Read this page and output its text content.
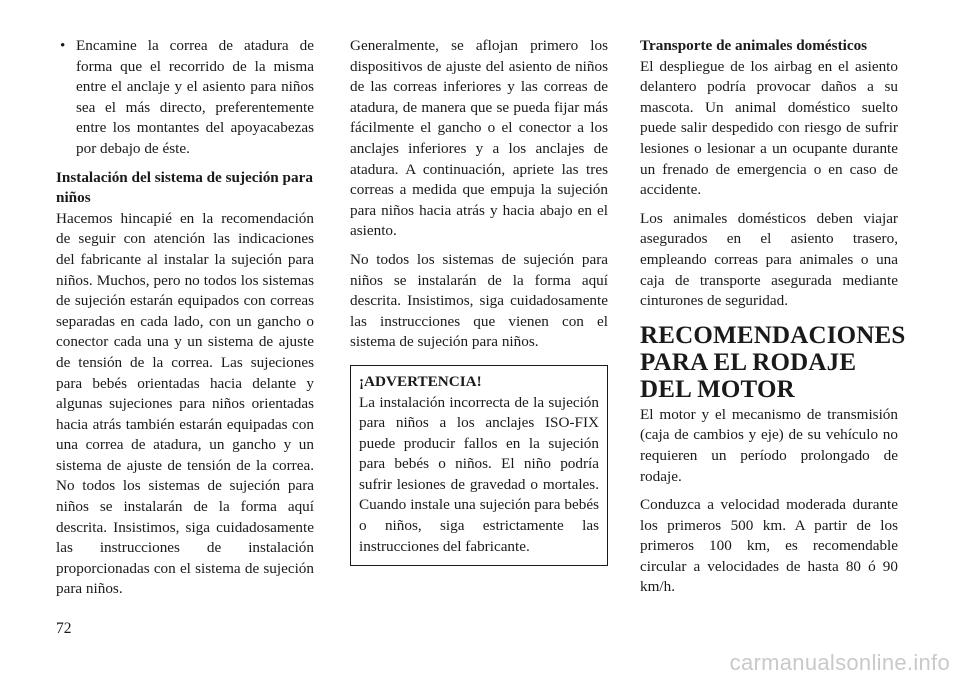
• Encamine la correa de atadura de forma que el recorrido de la misma entre el anclaje y el asiento para niños sea el más directo, preferentemente entre los montantes del apoyacabezas por debajo de éste.
Instalación del sistema de sujeción para niños

Hacemos hincapié en la recomendación de seguir con atención las indicaciones del fabricante al instalar la sujeción para niños. Muchos, pero no todos los sistemas de sujeción estarán equipados con correas separadas en cada lado, con un gancho o conector cada una y un sistema de ajuste de tensión de la correa. Las sujeciones para bebés orientadas hacia delante y algunas sujeciones para niños orientadas hacia atrás también estarán equipadas con una correa de atadura, un gancho y un sistema de ajuste de tensión de la correa. No todos los sistemas de sujeción para niños se instalarán de la forma aquí descrita. Insistimos, siga cuidadosamente las instrucciones de instalación proporcionadas con el sistema de sujeción para niños.

Generalmente, se aflojan primero los dispositivos de ajuste del asiento de niños de las correas inferiores y las correas de atadura, de manera que se pueda fijar más fácilmente el gancho o el conector a los anclajes inferiores y a los anclajes de atadura. A continuación, apriete las tres correas a medida que empuja la sujeción para niños hacia atrás y hacia abajo en el asiento.

No todos los sistemas de sujeción para niños se instalarán de la forma aquí descrita. Insistimos, siga cuidadosamente las instrucciones que vienen con el sistema de sujeción para niños.

¡ADVERTENCIA!
La instalación incorrecta de la sujeción para niños a los anclajes ISO-FIX puede producir fallos en la sujeción para bebés o niños. El niño podría sufrir lesiones de gravedad o mortales. Cuando instale una sujeción para bebés o niños, siga estrictamente las instrucciones del fabricante.
Transporte de animales domésticos

El despliegue de los airbag en el asiento delantero podría provocar daños a su mascota. Un animal doméstico suelto puede salir despedido con riesgo de sufrir lesiones o lesionar a un ocupante durante un frenado de emergencia o en caso de accidente.

Los animales domésticos deben viajar asegurados en el asiento trasero, empleando correas para animales o una caja de transporte asegurada mediante cinturones de seguridad.

RECOMENDACIONES PARA EL RODAJE DEL MOTOR

El motor y el mecanismo de transmisión (caja de cambios y eje) de su vehículo no requieren un período prolongado de rodaje.

Conduzca a velocidad moderada durante los primeros 500 km. A partir de los primeros 100 km, es recomendable circular a velocidades de hasta 80 ó 90 km/h.

72
carmanualsonline.info
